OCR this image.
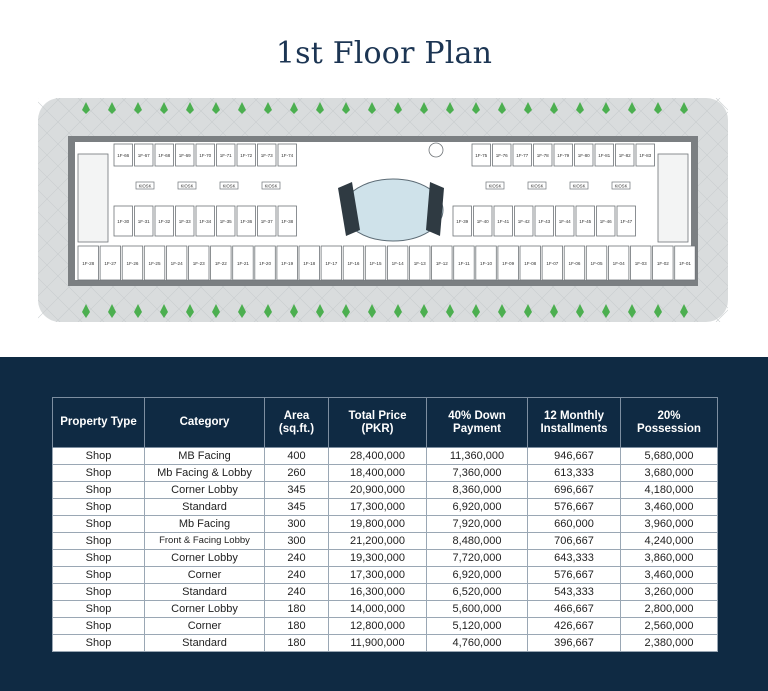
1st Floor Plan
1F-66 1F-67 1F-68 1F-69 1F-70 1F-71 1F-72 1F-73 1F-74	1F-75 1F-76 1F-77 1F-78 1F-79 1F-80 1F-81 1F-82 1F-83
1F-30 1F-31 1F-32 1F-33 1F-34 1F-35 1F-36 1F-37 1F-38	1F-39 1F-40 1F-41 1F-42 1F-43 1F-44 1F-45 1F-46 1F-47
1F-28 1F-27 1F-26 1F-25 1F-24 1F-23 1F-22 1F-21 1F-20 1F-19 1F-18 1F-17 1F-16 1F-15 1F-14 1F-13 1F-12 1F-11 1F-10 1F-09 1F-08 1F-07 1F-06 1F-05 1F-04 1F-03 1F-02 1F-01
KIOSK	KIOSK	KIOSK	KIOSK	KIOSK	KIOSK	KIOSK	KIOSK
Property Type	Category	Area (sq.ft.)	Total Price (PKR)	40% Down Payment	12 Monthly Installments	20% Possession
Shop	MB Facing	400	28,400,000	11,360,000	946,667	5,680,000
Shop	Mb Facing & Lobby	260	18,400,000	7,360,000	613,333	3,680,000
Shop	Corner Lobby	345	20,900,000	8,360,000	696,667	4,180,000
Shop	Standard	345	17,300,000	6,920,000	576,667	3,460,000
Shop	Mb Facing	300	19,800,000	7,920,000	660,000	3,960,000
Shop	Front & Facing Lobby	300	21,200,000	8,480,000	706,667	4,240,000
Shop	Corner Lobby	240	19,300,000	7,720,000	643,333	3,860,000
Shop	Corner	240	17,300,000	6,920,000	576,667	3,460,000
Shop	Standard	240	16,300,000	6,520,000	543,333	3,260,000
Shop	Corner Lobby	180	14,000,000	5,600,000	466,667	2,800,000
Shop	Corner	180	12,800,000	5,120,000	426,667	2,560,000
Shop	Standard	180	11,900,000	4,760,000	396,667	2,380,000
